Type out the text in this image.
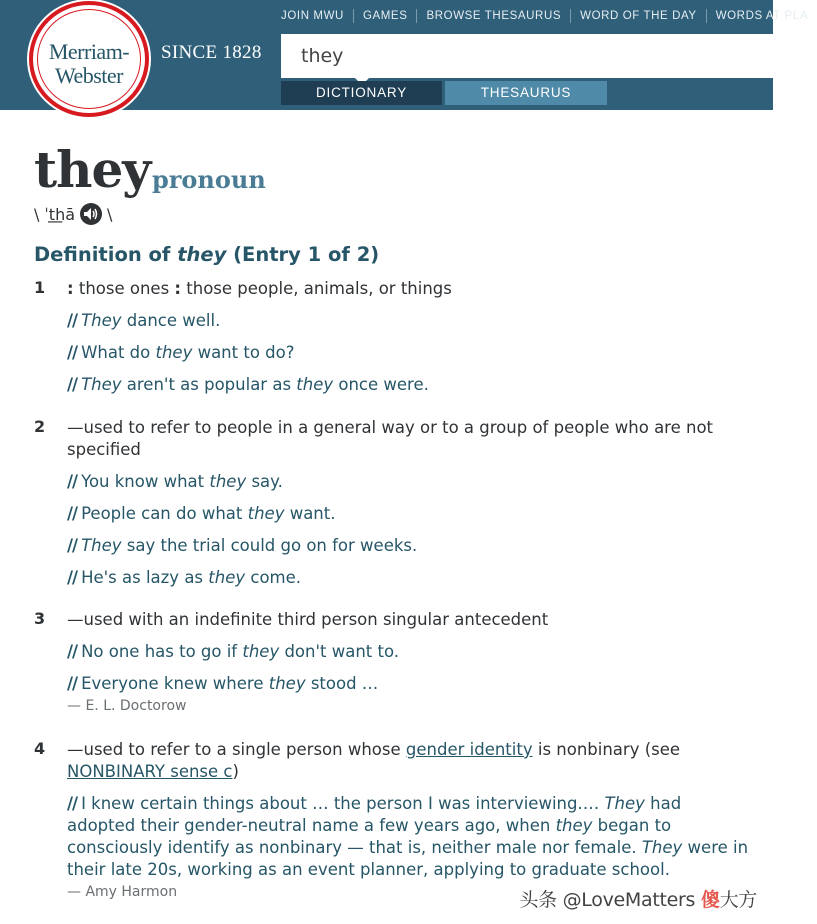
Merriam-
Webster
SINCE 1828
JOIN MWU	GAMES	BROWSE THESAURUS	WORD OF THE DAY	WORDS AT PLA
they
DICTIONARY	THESAURUS
they pronoun
\ ˈt͟hā \
Definition of they (Entry 1 of 2)
1 : those ones : those people, animals, or things
// They dance well.
// What do they want to do?
// They aren't as popular as they once were.
2 —used to refer to people in a general way or to a group of people who are not specified
// You know what they say.
// People can do what they want.
// They say the trial could go on for weeks.
// He's as lazy as they come.
3 —used with an indefinite third person singular antecedent
// No one has to go if they don't want to.
// Everyone knew where they stood …
— E. L. Doctorow
4 —used to refer to a single person whose gender identity is nonbinary (see
NONBINARY sense c)
// I knew certain things about … the person I was interviewing.… They had adopted their gender-neutral name a few years ago, when they began to consciously identify as nonbinary — that is, neither male nor female. They were in their late 20s, working as an event planner, applying to graduate school.
— Amy Harmon	头条 @LoveMatters 傻大方
